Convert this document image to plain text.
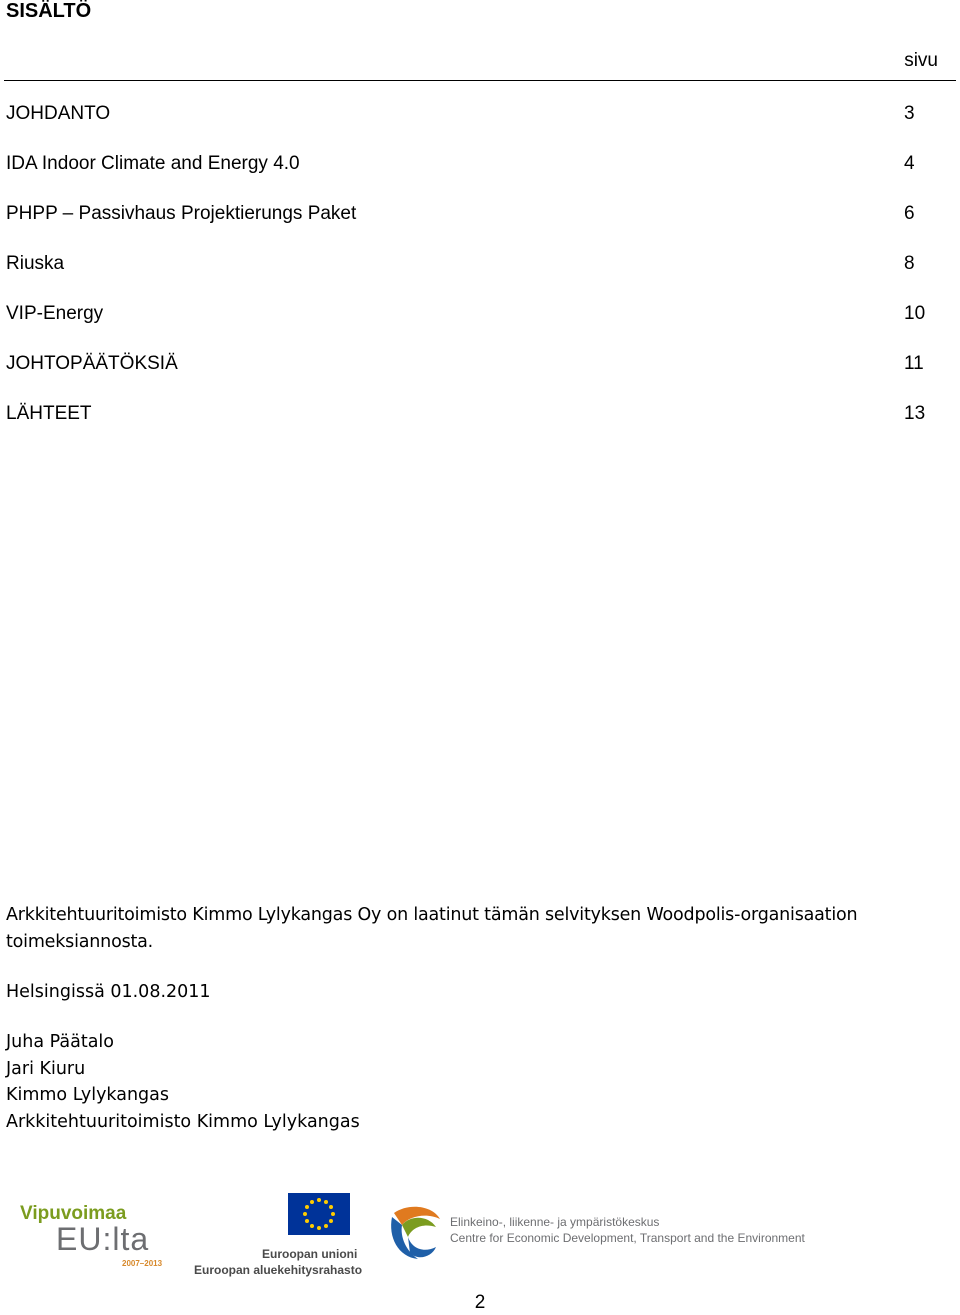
SISÄLTÖ
sivu
JOHDANTO	3
IDA Indoor Climate and Energy 4.0	4
PHPP – Passivhaus Projektierungs Paket	6
Riuska	8
VIP-Energy	10
JOHTOPÄÄTÖKSIÄ	11
LÄHTEET	13
Arkkitehtuuritoimisto Kimmo Lylykangas Oy on laatinut tämän selvityksen Woodpolis-organisaation toimeksiannosta.
Helsingissä 01.08.2011
Juha Päätalo
Jari Kiuru
Kimmo Lylykangas
Arkkitehtuuritoimisto Kimmo Lylykangas
Vipuvoimaa
EU:lta
2007–2013
Euroopan unioni
Euroopan aluekehitysrahasto
Elinkeino-, liikenne- ja ympäristökeskus
Centre for Economic Development, Transport and the Environment
2
